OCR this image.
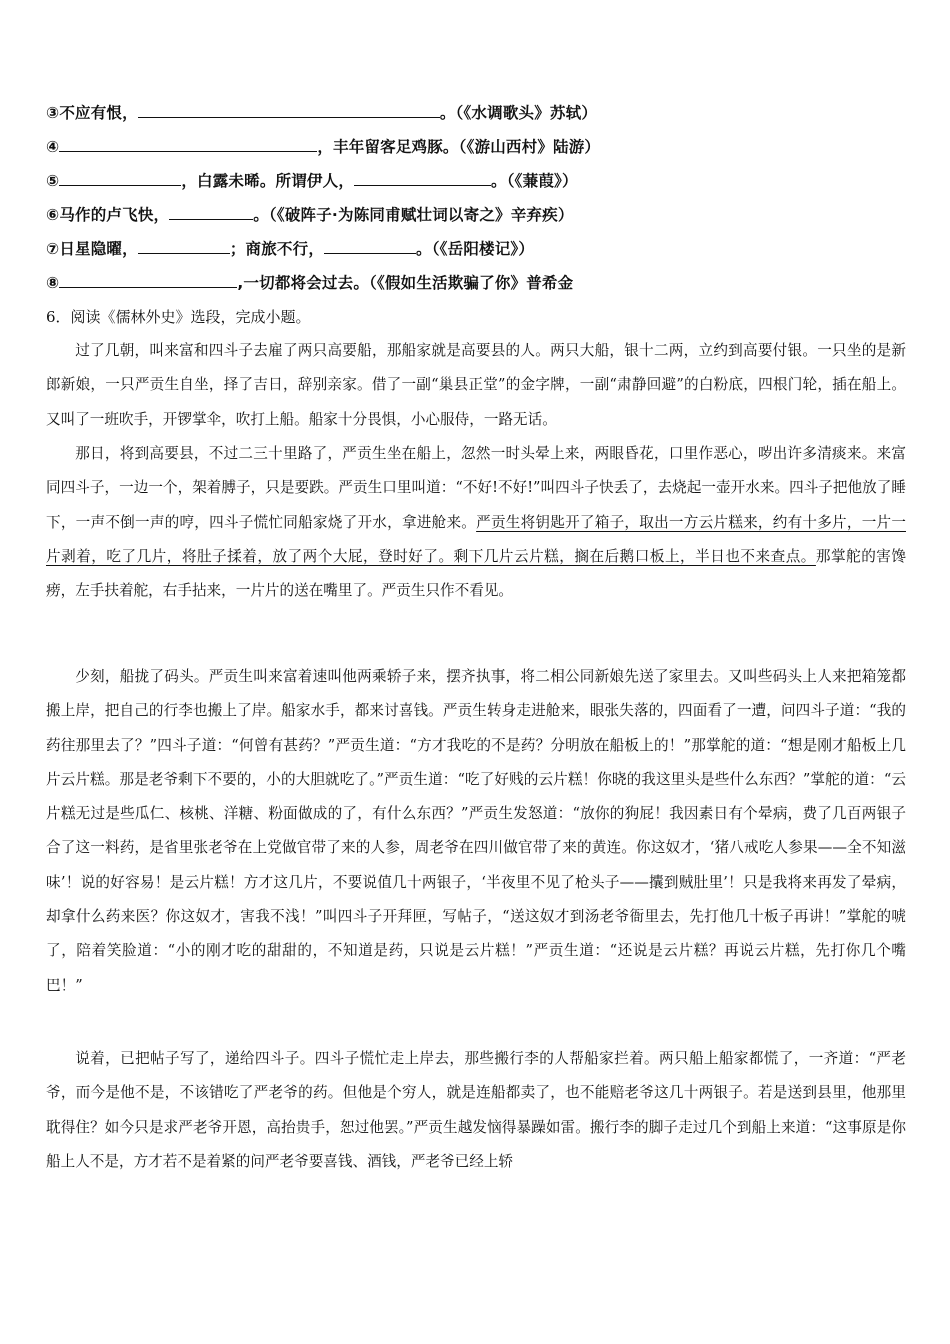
③不应有恨，	。（《水调歌头》苏轼）
④	，丰年留客足鸡豚。（《游山西村》陆游）
⑤	，白露未晞。所谓伊人，	。（《蒹葭》）
⑥马作的卢飞快，	。（《破阵子·为陈同甫赋壮词以寄之》辛弃疾）
⑦日星隐曜，	；商旅不行，	。（《岳阳楼记》）
⑧	,一切都将会过去。（《假如生活欺骗了你》普希金
6．阅读《儒林外史》选段，完成小题。

过了几朝，叫来富和四斗子去雇了两只高要船，那船家就是高要县的人。两只大船，银十二两，立约到高要付银。一只坐的是新郎新娘，一只严贡生自坐，择了吉日，辞别亲家。借了一副“巢县正堂”的金字牌，一副“肃静回避”的白粉底，四根门轮，插在船上。又叫了一班吹手，开锣掌伞，吹打上船。船家十分畏惧，小心服侍，一路无话。

那日，将到高要县，不过二三十里路了，严贡生坐在船上，忽然一时头晕上来，两眼昏花，口里作恶心，哕出许多清痰来。来富同四斗子，一边一个，架着膊子，只是要跌。严贡生口里叫道：“不好!不好!”叫四斗子快丢了，去烧起一壶开水来。四斗子把他放了睡下，一声不倒一声的哼，四斗子慌忙同船家烧了开水，拿进舱来。严贡生将钥匙开了箱子，取出一方云片糕来，约有十多片，一片一片剥着，吃了几片，将肚子揉着，放了两个大屁，登时好了。剩下几片云片糕，搁在后鹅口板上，半日也不来查点。那掌舵的害馋痨，左手扶着舵，右手拈来，一片片的送在嘴里了。严贡生只作不看见。

少刻，船拢了码头。严贡生叫来富着速叫他两乘轿子来，摆齐执事，将二相公同新娘先送了家里去。又叫些码头上人来把箱笼都搬上岸，把自己的行李也搬上了岸。船家水手，都来讨喜钱。严贡生转身走进舱来，眼张失落的，四面看了一遭，问四斗子道：“我的药往那里去了？”四斗子道：“何曾有甚药？”严贡生道：“方才我吃的不是药？分明放在船板上的！”那掌舵的道：“想是刚才船板上几片云片糕。那是老爷剩下不要的，小的大胆就吃了。”严贡生道：“吃了好贱的云片糕！你晓的我这里头是些什么东西？”掌舵的道：“云片糕无过是些瓜仁、核桃、洋糖、粉面做成的了，有什么东西？”严贡生发怒道：“放你的狗屁！我因素日有个晕病，费了几百两银子合了这一料药，是省里张老爷在上党做官带了来的人参，周老爷在四川做官带了来的黄连。你这奴才，‘猪八戒吃人参果——全不知滋味’！说的好容易！是云片糕！方才这几片，不要说值几十两银子，‘半夜里不见了枪头子——攮到贼肚里’！只是我将来再发了晕病，却拿什么药来医？你这奴才，害我不浅！”叫四斗子开拜匣，写帖子，“送这奴才到汤老爷衙里去，先打他几十板子再讲！”掌舵的唬了，陪着笑脸道：“小的刚才吃的甜甜的，不知道是药，只说是云片糕！”严贡生道：“还说是云片糕？再说云片糕，先打你几个嘴巴！”

说着，已把帖子写了，递给四斗子。四斗子慌忙走上岸去，那些搬行李的人帮船家拦着。两只船上船家都慌了，一齐道：“严老爷，而今是他不是，不该错吃了严老爷的药。但他是个穷人，就是连船都卖了，也不能赔老爷这几十两银子。若是送到县里，他那里耽得住？如今只是求严老爷开恩，高抬贵手，恕过他罢。”严贡生越发恼得暴躁如雷。搬行李的脚子走过几个到船上来道：“这事原是你船上人不是，方才若不是着紧的问严老爷要喜钱、酒钱，严老爷已经上轿
